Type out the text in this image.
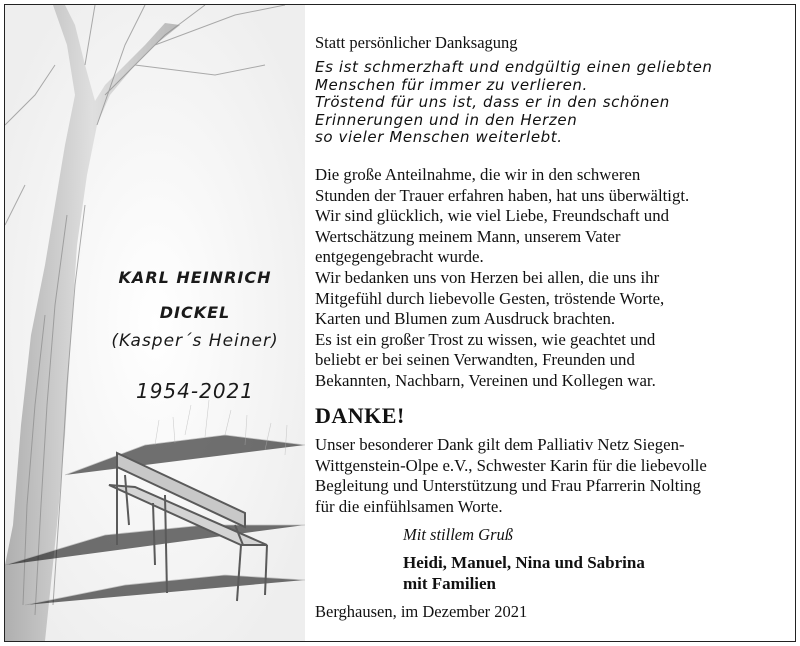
KARL HEINRICH
DICKEL
(Kasper´s Heiner)
1954-2021
Statt persönlicher Danksagung
Es ist schmerzhaft und endgültig einen geliebten
Menschen für immer zu verlieren.
Tröstend für uns ist, dass er in den schönen
Erinnerungen und in den Herzen
so vieler Menschen weiterlebt.
Die große Anteilnahme, die wir in den schweren
Stunden der Trauer erfahren haben, hat uns überwältigt.
Wir sind glücklich, wie viel Liebe, Freundschaft und
Wertschätzung meinem Mann, unserem Vater
entgegengebracht wurde.
Wir bedanken uns von Herzen bei allen, die uns ihr
Mitgefühl durch liebevolle Gesten, tröstende Worte,
Karten und Blumen zum Ausdruck brachten.
Es ist ein großer Trost zu wissen, wie geachtet und
beliebt er bei seinen Verwandten, Freunden und
Bekannten, Nachbarn, Vereinen und Kollegen war.
DANKE!
Unser besonderer Dank gilt dem Palliativ Netz Siegen-
Wittgenstein-Olpe e.V., Schwester Karin für die liebevolle
Begleitung und Unterstützung und Frau Pfarrerin Nolting
für die einfühlsamen Worte.
Mit stillem Gruß
Heidi, Manuel, Nina und Sabrina
mit Familien
Berghausen, im Dezember 2021
